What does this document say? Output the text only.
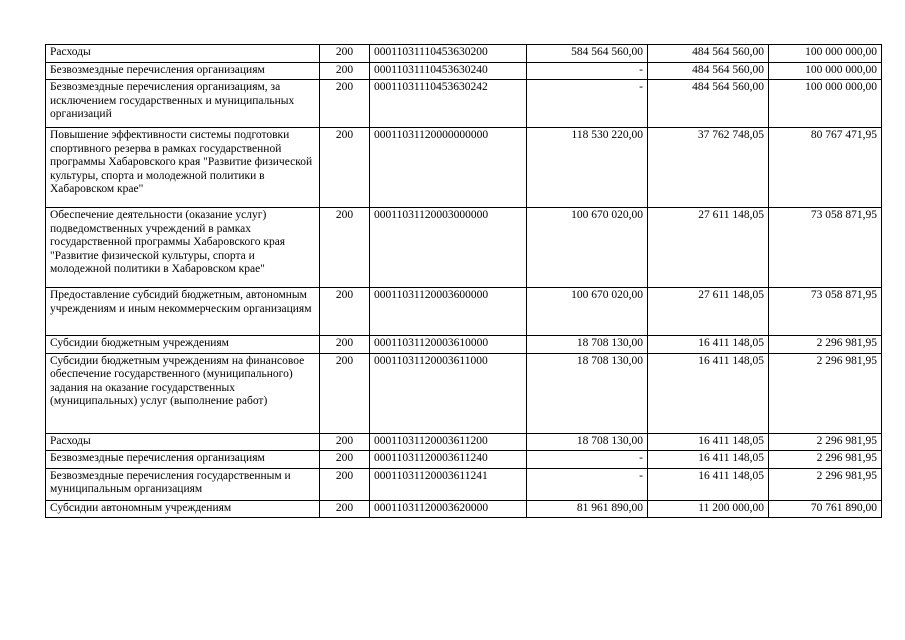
Расходы	200	00011031110453630200	584 564 560,00	484 564 560,00	100 000 000,00
Безвозмездные перечисления организациям	200	00011031110453630240	-	484 564 560,00	100 000 000,00
Безвозмездные перечисления организациям, за исключением государственных и муниципальных организаций	200	00011031110453630242	-	484 564 560,00	100 000 000,00
Повышение эффективности системы подготовки спортивного резерва в рамках государственной программы Хабаровского края "Развитие физической культуры, спорта и молодежной политики в Хабаровском крае"	200	00011031120000000000	118 530 220,00	37 762 748,05	80 767 471,95
Обеспечение деятельности (оказание услуг) подведомственных учреждений в рамках государственной программы Хабаровского края "Развитие физической культуры, спорта и молодежной политики в Хабаровском крае"	200	00011031120003000000	100 670 020,00	27 611 148,05	73 058 871,95
Предоставление субсидий бюджетным, автономным учреждениям и иным некоммерческим организациям	200	00011031120003600000	100 670 020,00	27 611 148,05	73 058 871,95
Субсидии бюджетным учреждениям	200	00011031120003610000	18 708 130,00	16 411 148,05	2 296 981,95
Субсидии бюджетным учреждениям на финансовое обеспечение государственного (муниципального) задания на оказание государственных (муниципальных) услуг (выполнение работ)	200	00011031120003611000	18 708 130,00	16 411 148,05	2 296 981,95
Расходы	200	00011031120003611200	18 708 130,00	16 411 148,05	2 296 981,95
Безвозмездные перечисления организациям	200	00011031120003611240	-	16 411 148,05	2 296 981,95
Безвозмездные перечисления государственным и муниципальным организациям	200	00011031120003611241	-	16 411 148,05	2 296 981,95
Субсидии автономным учреждениям	200	00011031120003620000	81 961 890,00	11 200 000,00	70 761 890,00
